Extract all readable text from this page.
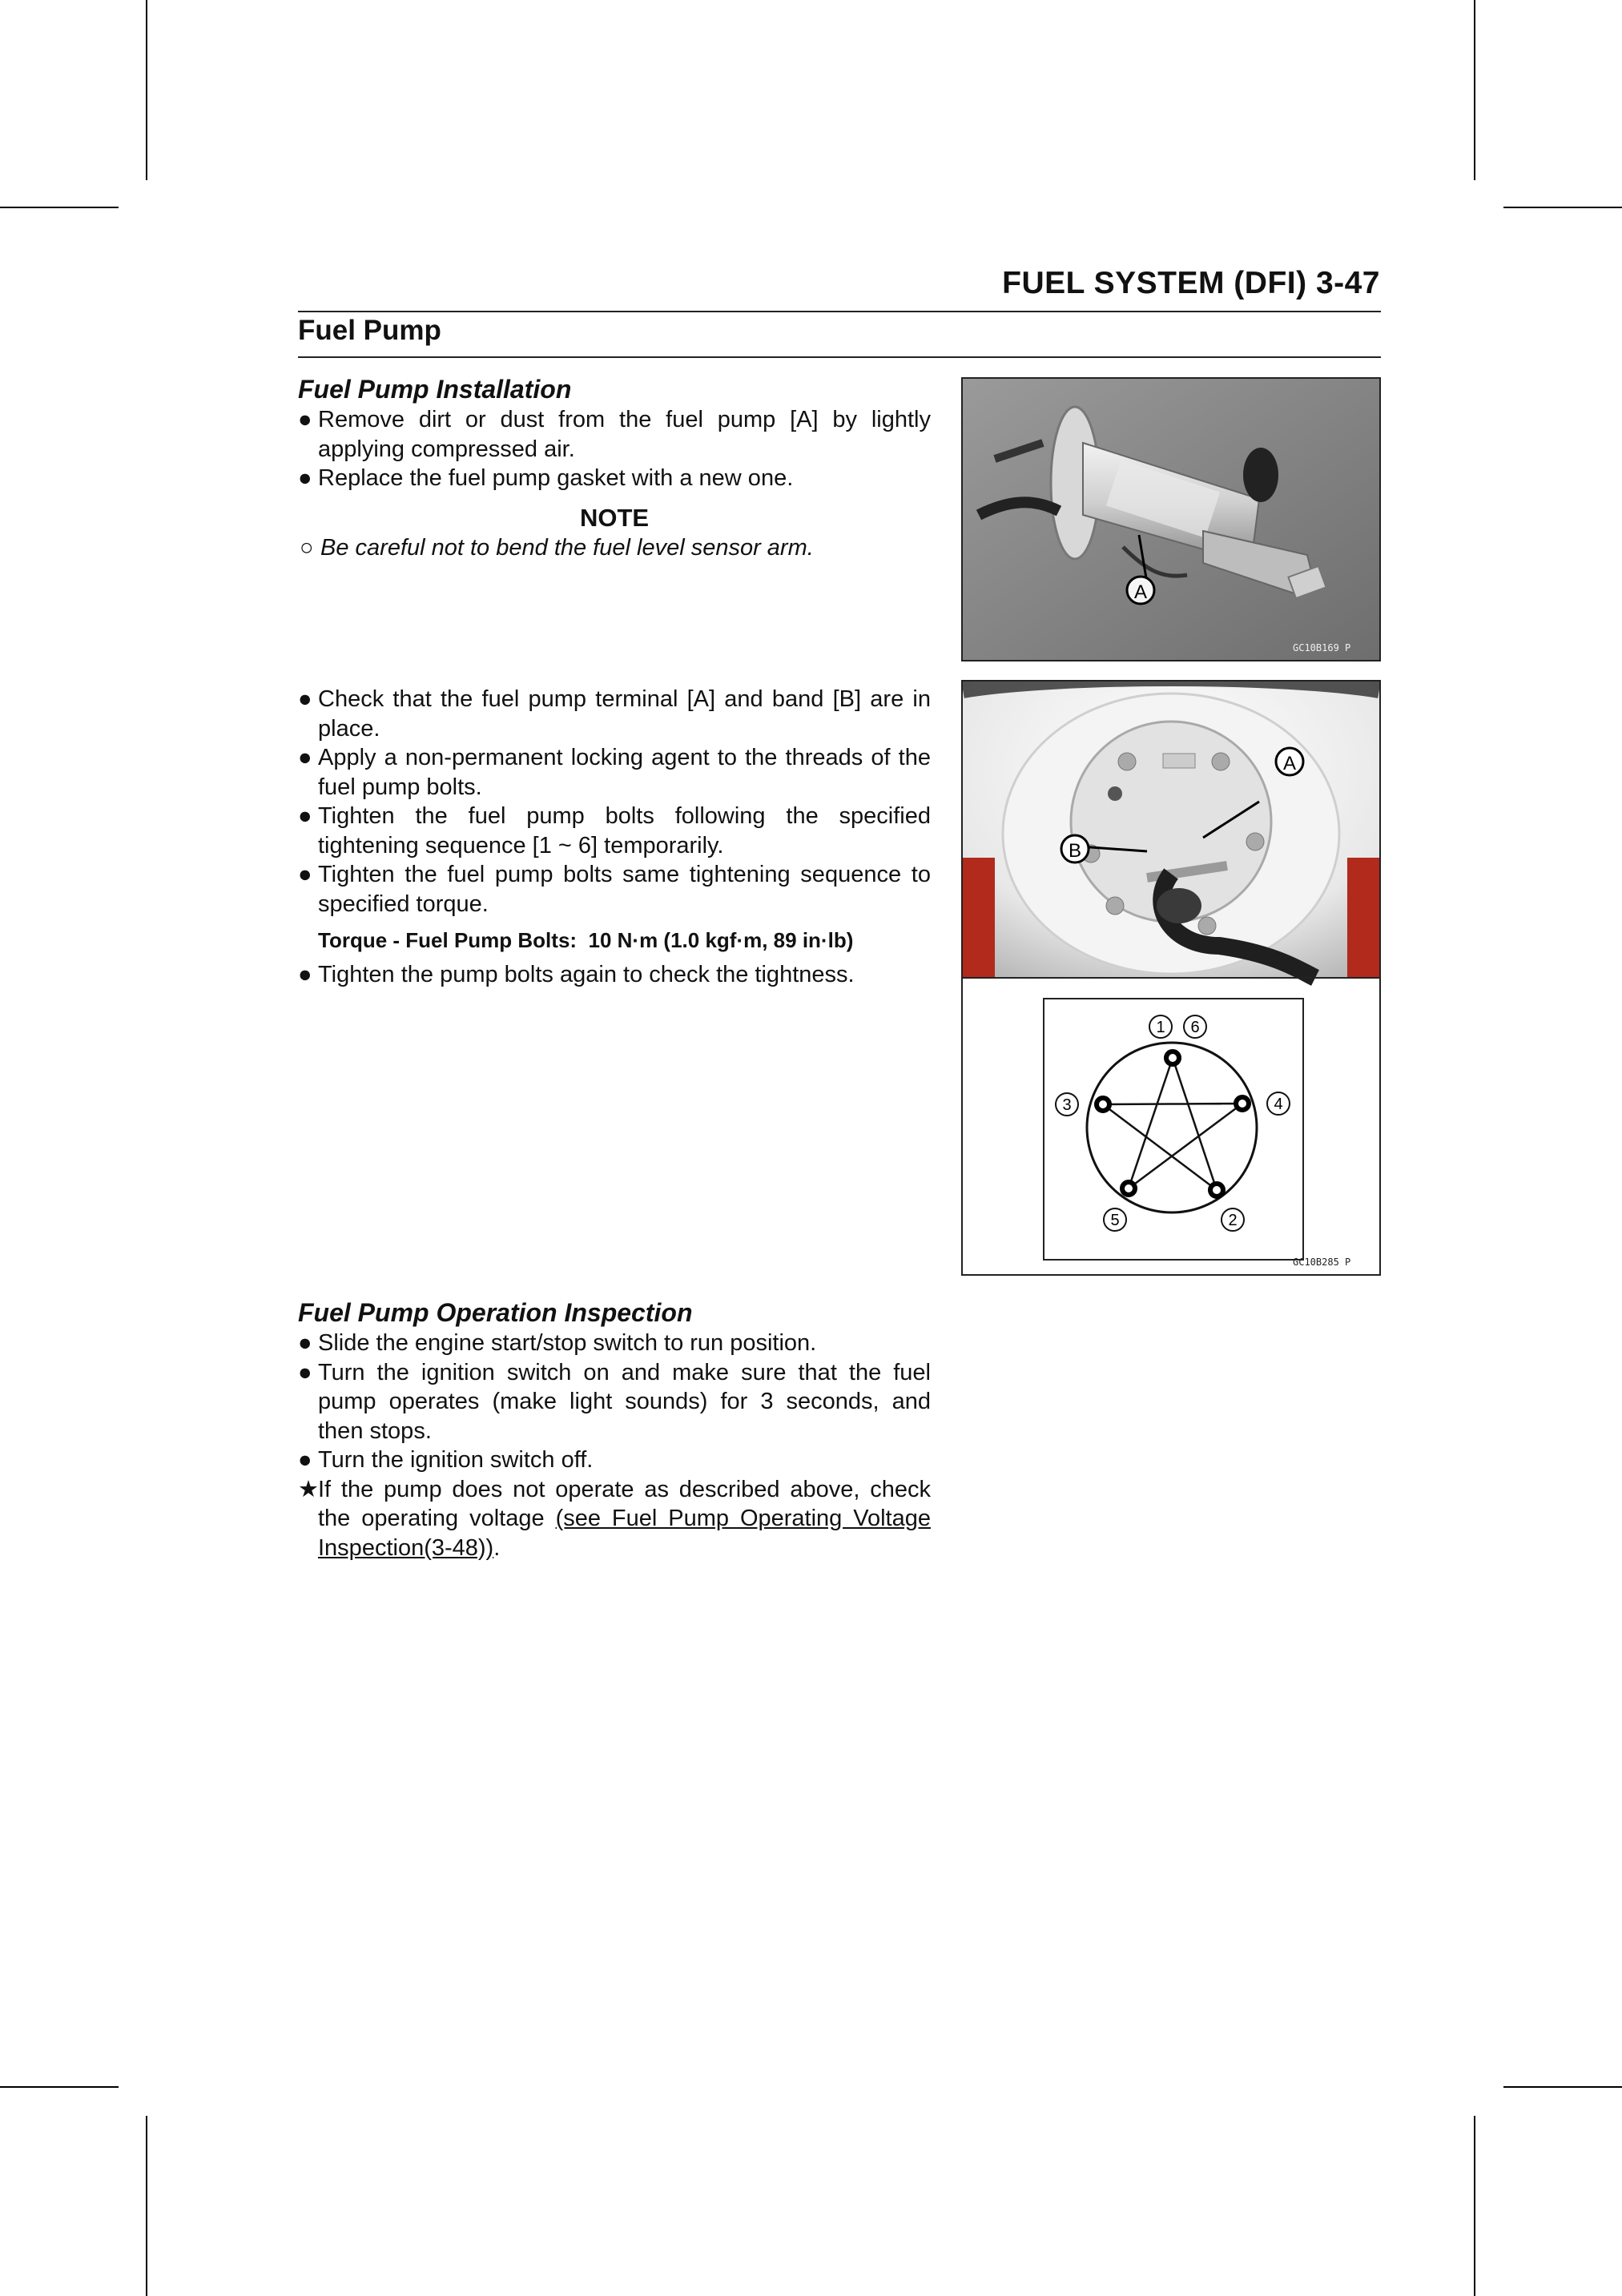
FUEL SYSTEM (DFI) 3-47
Fuel Pump
Fuel Pump Installation
● Remove dirt or dust from the fuel pump [A] by lightly applying compressed air.
● Replace the fuel pump gasket with a new one.
NOTE
○ Be careful not to bend the fuel level sensor arm.
● Check that the fuel pump terminal [A] and band [B] are in place.
● Apply a non-permanent locking agent to the threads of the fuel pump bolts.
● Tighten the fuel pump bolts following the specified tightening sequence [1 ~ 6] temporarily.
● Tighten the fuel pump bolts same tightening sequence to specified torque.
Torque - Fuel Pump Bolts: 10 N·m (1.0 kgf·m, 89 in·lb)
● Tighten the pump bolts again to check the tightness.
Fuel Pump Operation Inspection
● Slide the engine start/stop switch to run position.
● Turn the ignition switch on and make sure that the fuel pump operates (make light sounds) for 3 seconds, and then stops.
● Turn the ignition switch off.
★ If the pump does not operate as described above, check the operating voltage (see Fuel Pump Operating Voltage Inspection(3-48)).
A
GC10B169 P
A
B
1 6
3	4
5	2
GC10B285 P
